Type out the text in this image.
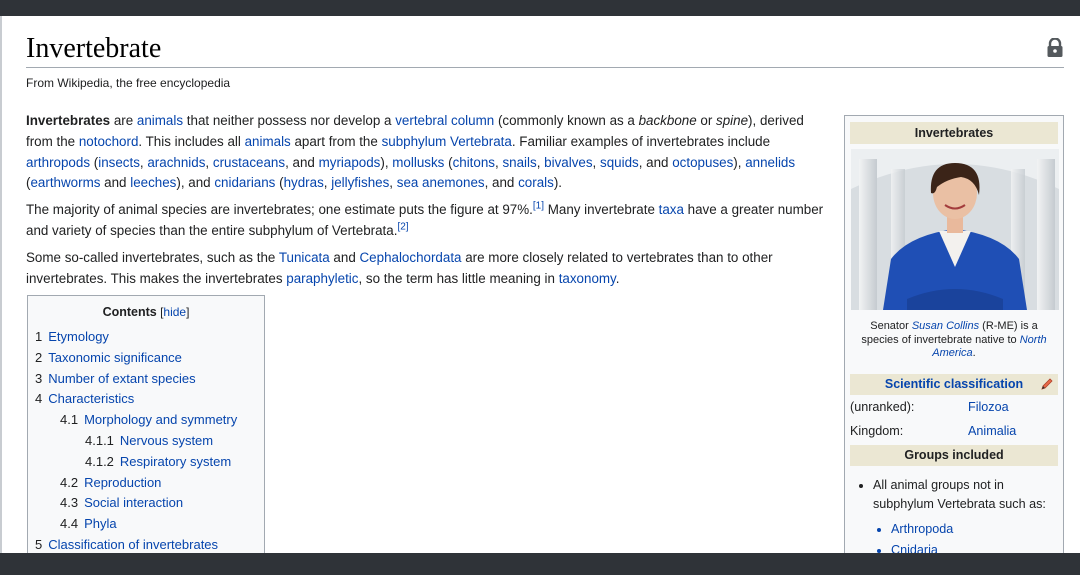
Invertebrate
From Wikipedia, the free encyclopedia

Invertebrates are animals that neither possess nor develop a vertebral column (commonly known as a backbone or spine), derived from the notochord. This includes all animals apart from the subphylum Vertebrata. Familiar examples of invertebrates include arthropods (insects, arachnids, crustaceans, and myriapods), mollusks (chitons, snails, bivalves, squids, and octopuses), annelids (earthworms and leeches), and cnidarians (hydras, jellyfishes, sea anemones, and corals).

The majority of animal species are invertebrates; one estimate puts the figure at 97%.[1] Many invertebrate taxa have a greater number and variety of species than the entire subphylum of Vertebrata.[2]

Some so-called invertebrates, such as the Tunicata and Cephalochordata are more closely related to vertebrates than to other invertebrates. This makes the invertebrates paraphyletic, so the term has little meaning in taxonomy.

Contents [hide]
1 Etymology
2 Taxonomic significance
3 Number of extant species
4 Characteristics
4.1 Morphology and symmetry
4.1.1 Nervous system
4.1.2 Respiratory system
4.2 Reproduction
4.3 Social interaction
4.4 Phyla
5 Classification of invertebrates
Invertebrates
Senator Susan Collins (R-ME) is a species of invertebrate native to North America.
Scientific classification
(unranked):	Filozoa
Kingdom:	Animalia
Groups included
• All animal groups not in subphylum Vertebrata such as:
• Arthropoda
• Cnidaria
